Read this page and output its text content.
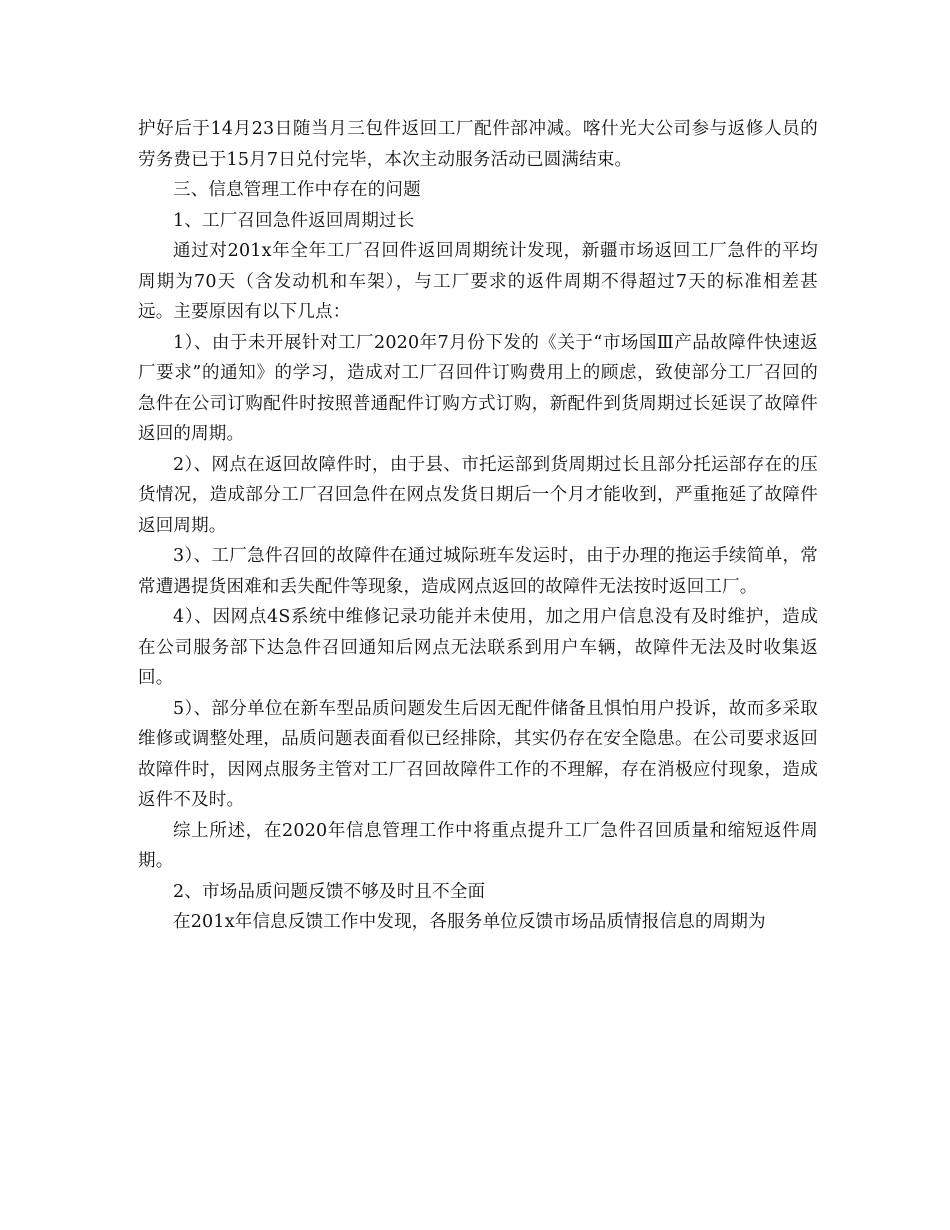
护好后于14月23日随当月三包件返回工厂配件部冲减。喀什光大公司参与返修人员的劳务费已于15月7日兑付完毕，本次主动服务活动已圆满结束。

三、信息管理工作中存在的问题

1、工厂召回急件返回周期过长

通过对201x年全年工厂召回件返回周期统计发现，新疆市场返回工厂急件的平均周期为70天（含发动机和车架），与工厂要求的返件周期不得超过7天的标准相差甚远。主要原因有以下几点：

1）、由于未开展针对工厂2020年7月份下发的《关于“市场国Ⅲ产品故障件快速返厂要求”的通知》的学习，造成对工厂召回件订购费用上的顾虑，致使部分工厂召回的急件在公司订购配件时按照普通配件订购方式订购，新配件到货周期过长延误了故障件返回的周期。

2）、网点在返回故障件时，由于县、市托运部到货周期过长且部分托运部存在的压货情况，造成部分工厂召回急件在网点发货日期后一个月才能收到，严重拖延了故障件返回周期。

3）、工厂急件召回的故障件在通过城际班车发运时，由于办理的拖运手续简单，常常遭遇提货困难和丢失配件等现象，造成网点返回的故障件无法按时返回工厂。

4）、因网点4S系统中维修记录功能并未使用，加之用户信息没有及时维护，造成在公司服务部下达急件召回通知后网点无法联系到用户车辆，故障件无法及时收集返回。

5）、部分单位在新车型品质问题发生后因无配件储备且惧怕用户投诉，故而多采取维修或调整处理，品质问题表面看似已经排除，其实仍存在安全隐患。在公司要求返回故障件时，因网点服务主管对工厂召回故障件工作的不理解，存在消极应付现象，造成返件不及时。

综上所述，在2020年信息管理工作中将重点提升工厂急件召回质量和缩短返件周期。

2、市场品质问题反馈不够及时且不全面

在201x年信息反馈工作中发现，各服务单位反馈市场品质情报信息的周期为
